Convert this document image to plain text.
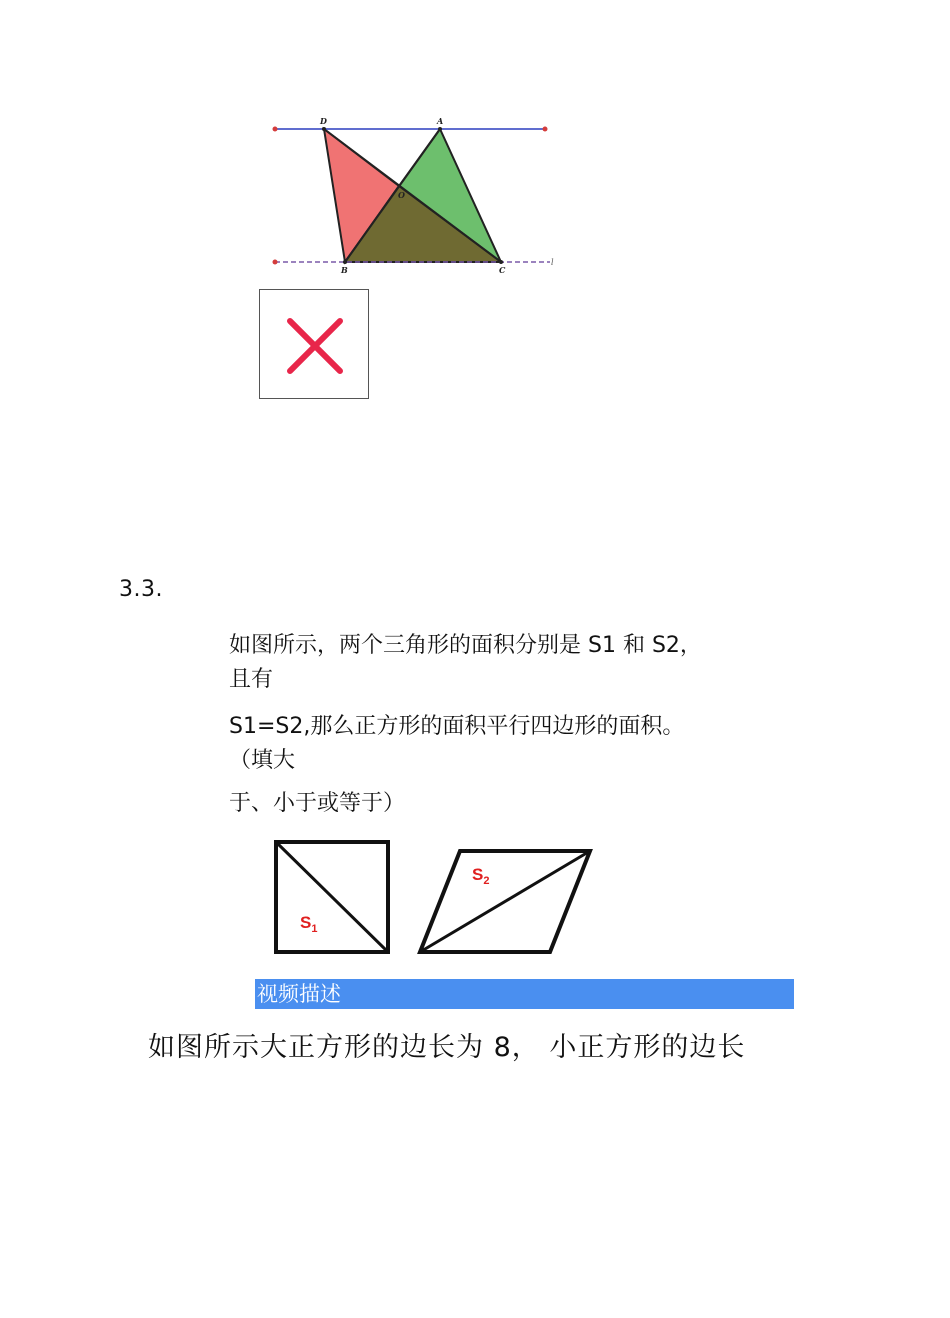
D	A
O
B	C
l
3.3.
如图所示，两个三角形的面积分别是 S1 和 S2，
且有
S1=S2,那么正方形的面积平行四边形的面积。
（填大
于、小于或等于）
$S_1$
$S_2$
视频描述
如图所示大正方形的边长为 8， 小正方形的边长
